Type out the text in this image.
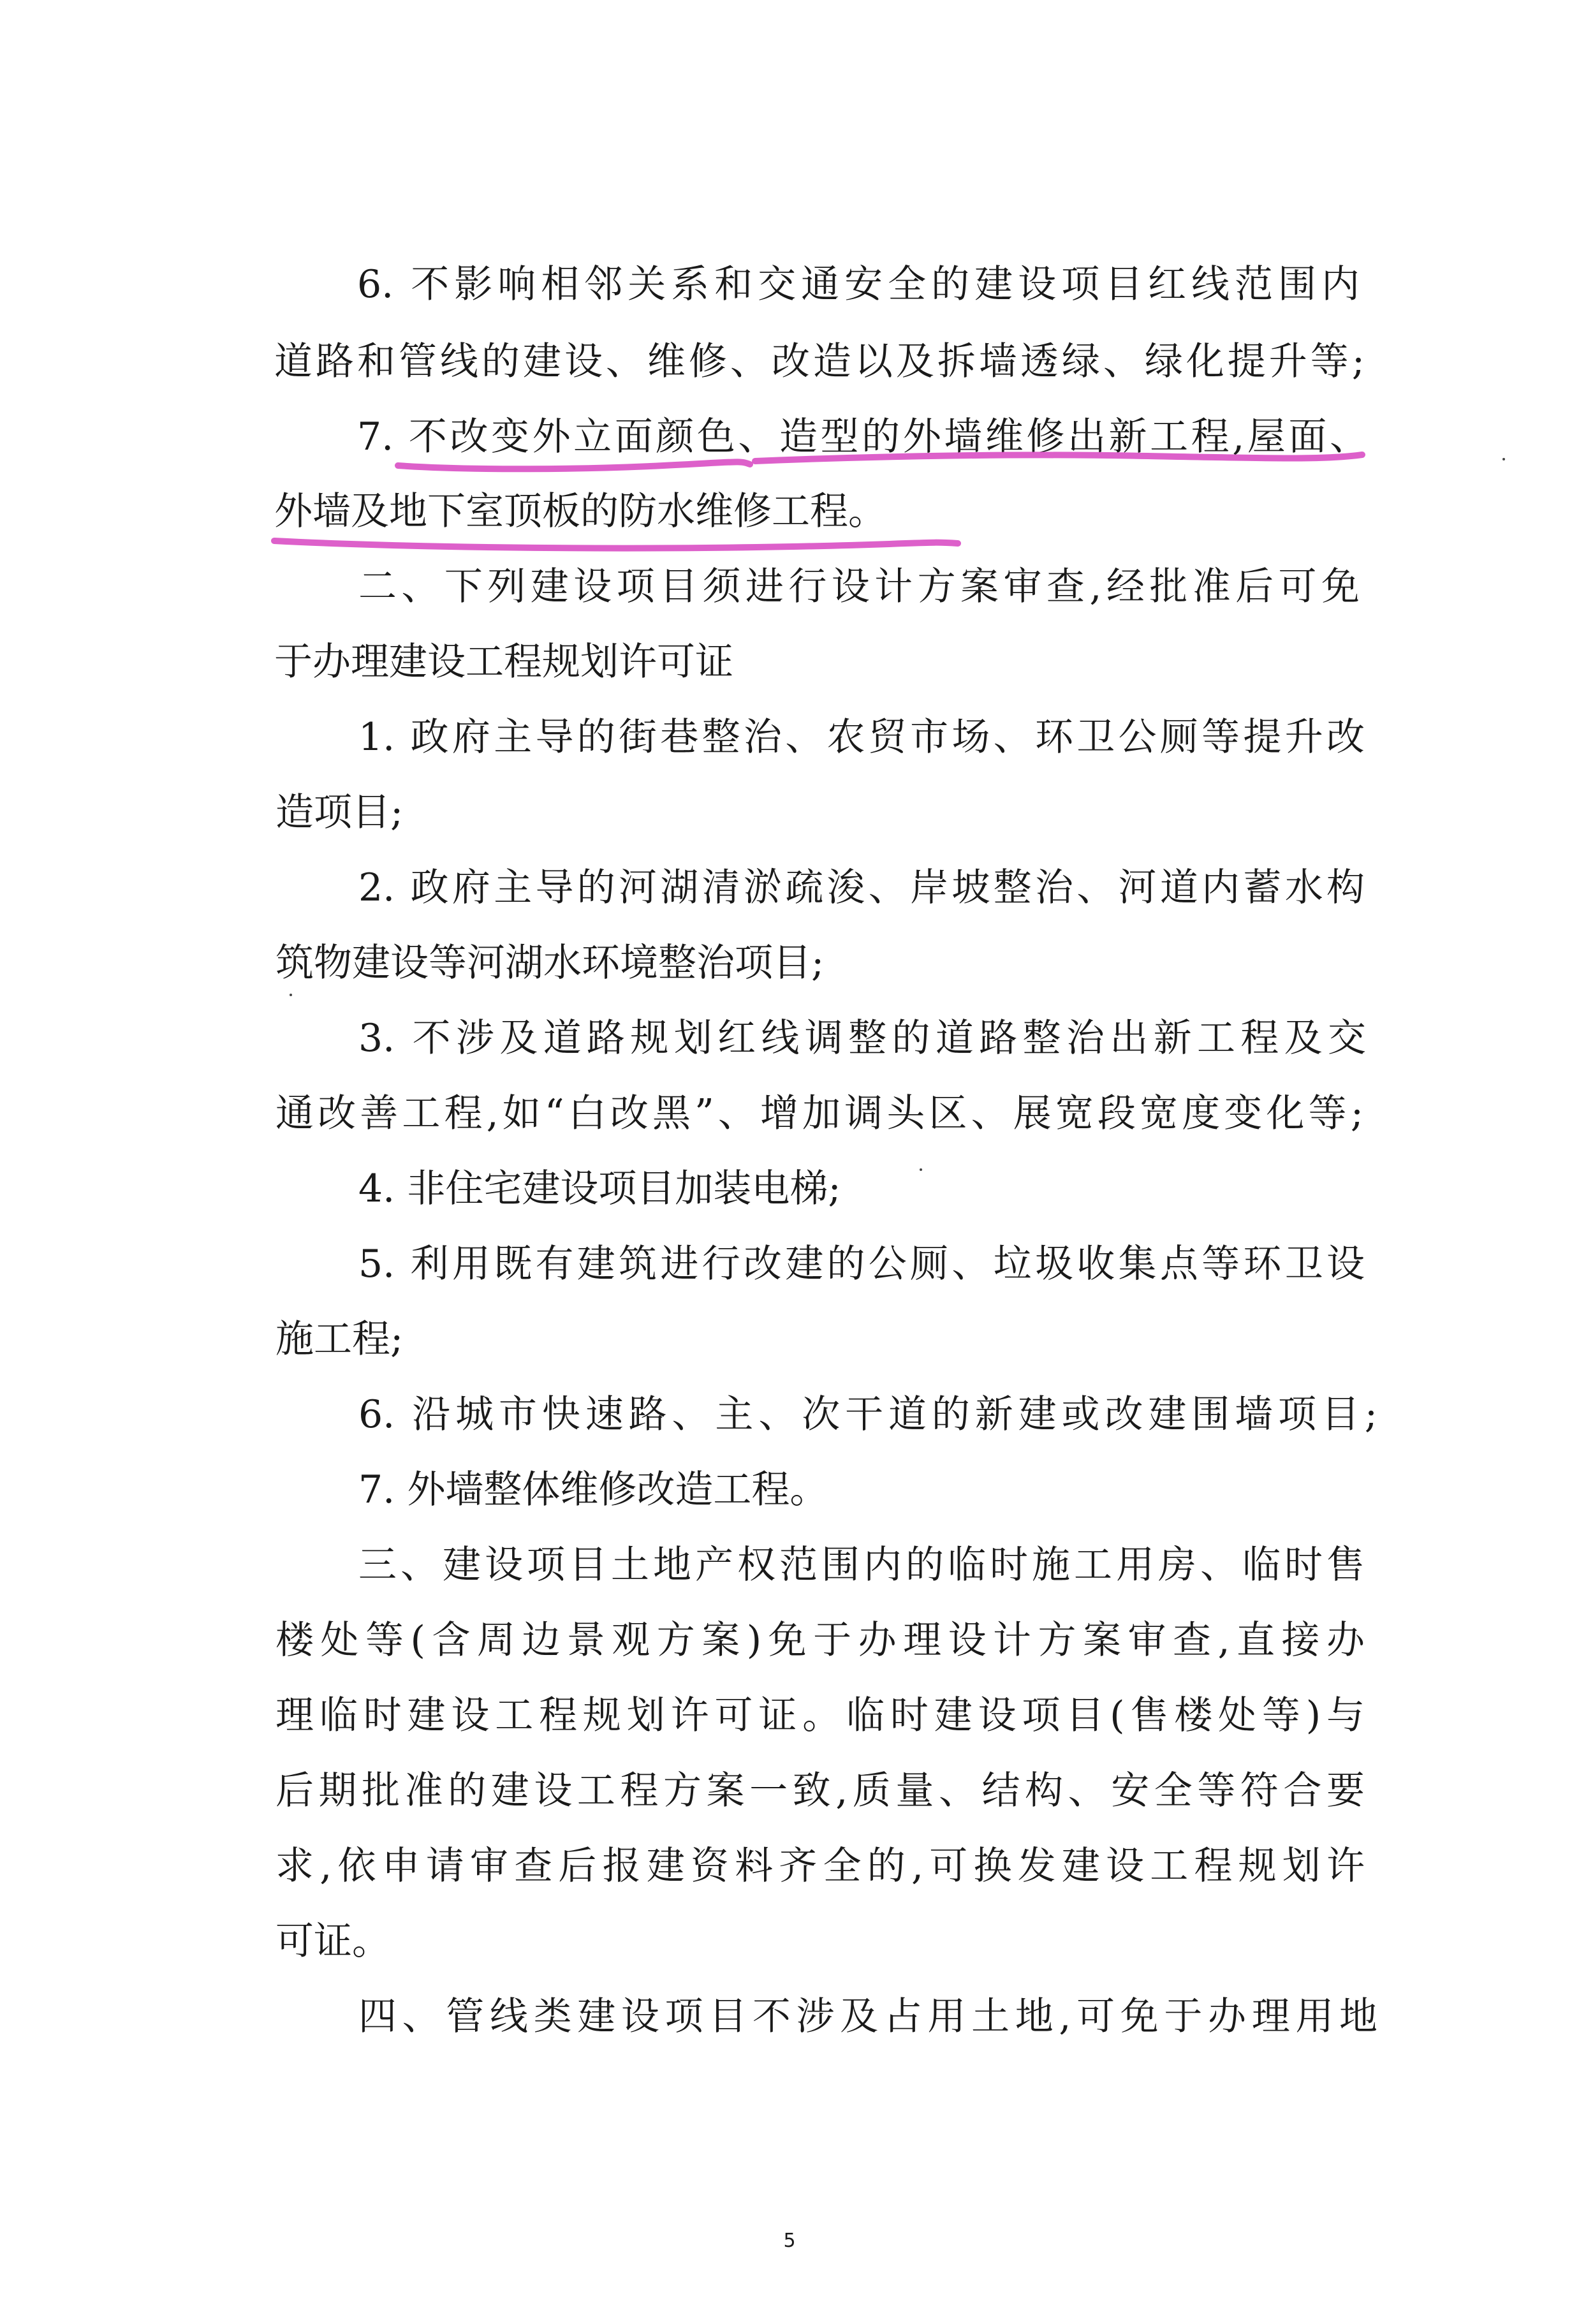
6. 不影响相邻关系和交通安全的建设项目红线范围内
道路和管线的建设、维修、改造以及拆墙透绿、绿化提升等;
7. 不改变外立面颜色、造型的外墙维修出新工程,屋面、
外墙及地下室顶板的防水维修工程。
二、下列建设项目须进行设计方案审查,经批准后可免
于办理建设工程规划许可证
1. 政府主导的街巷整治、农贸市场、环卫公厕等提升改
造项目;
2. 政府主导的河湖清淤疏浚、岸坡整治、河道内蓄水构
筑物建设等河湖水环境整治项目;
3. 不涉及道路规划红线调整的道路整治出新工程及交
通改善工程,如“白改黑”、增加调头区、展宽段宽度变化等;
4. 非住宅建设项目加装电梯;
5. 利用既有建筑进行改建的公厕、垃圾收集点等环卫设
施工程;
6. 沿城市快速路、主、次干道的新建或改建围墙项目;
7. 外墙整体维修改造工程。
三、建设项目土地产权范围内的临时施工用房、临时售
楼处等(含周边景观方案)免于办理设计方案审查,直接办
理临时建设工程规划许可证。临时建设项目(售楼处等)与
后期批准的建设工程方案一致,质量、结构、安全等符合要
求,依申请审查后报建资料齐全的,可换发建设工程规划许
可证。
四、管线类建设项目不涉及占用土地,可免于办理用地
5
